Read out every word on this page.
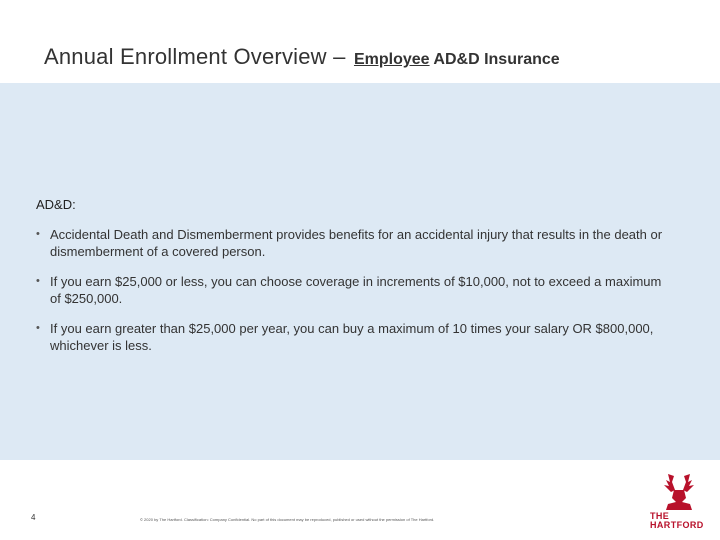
Annual Enrollment Overview – Employee AD&D Insurance
AD&D:
• Accidental Death and Dismemberment provides benefits for an accidental injury that results in the death or dismemberment of a covered person.
• If you earn $25,000 or less, you can choose coverage in increments of $10,000, not to exceed a maximum of $250,000.
• If you earn greater than $25,000 per year, you can buy a maximum of 10 times your salary OR $800,000, whichever is less.
4	© 2020 by The Hartford. Classification: Company Confidential. No part of this document may be reproduced, published or used without the permission of The Hartford.	THE
HARTFORD
